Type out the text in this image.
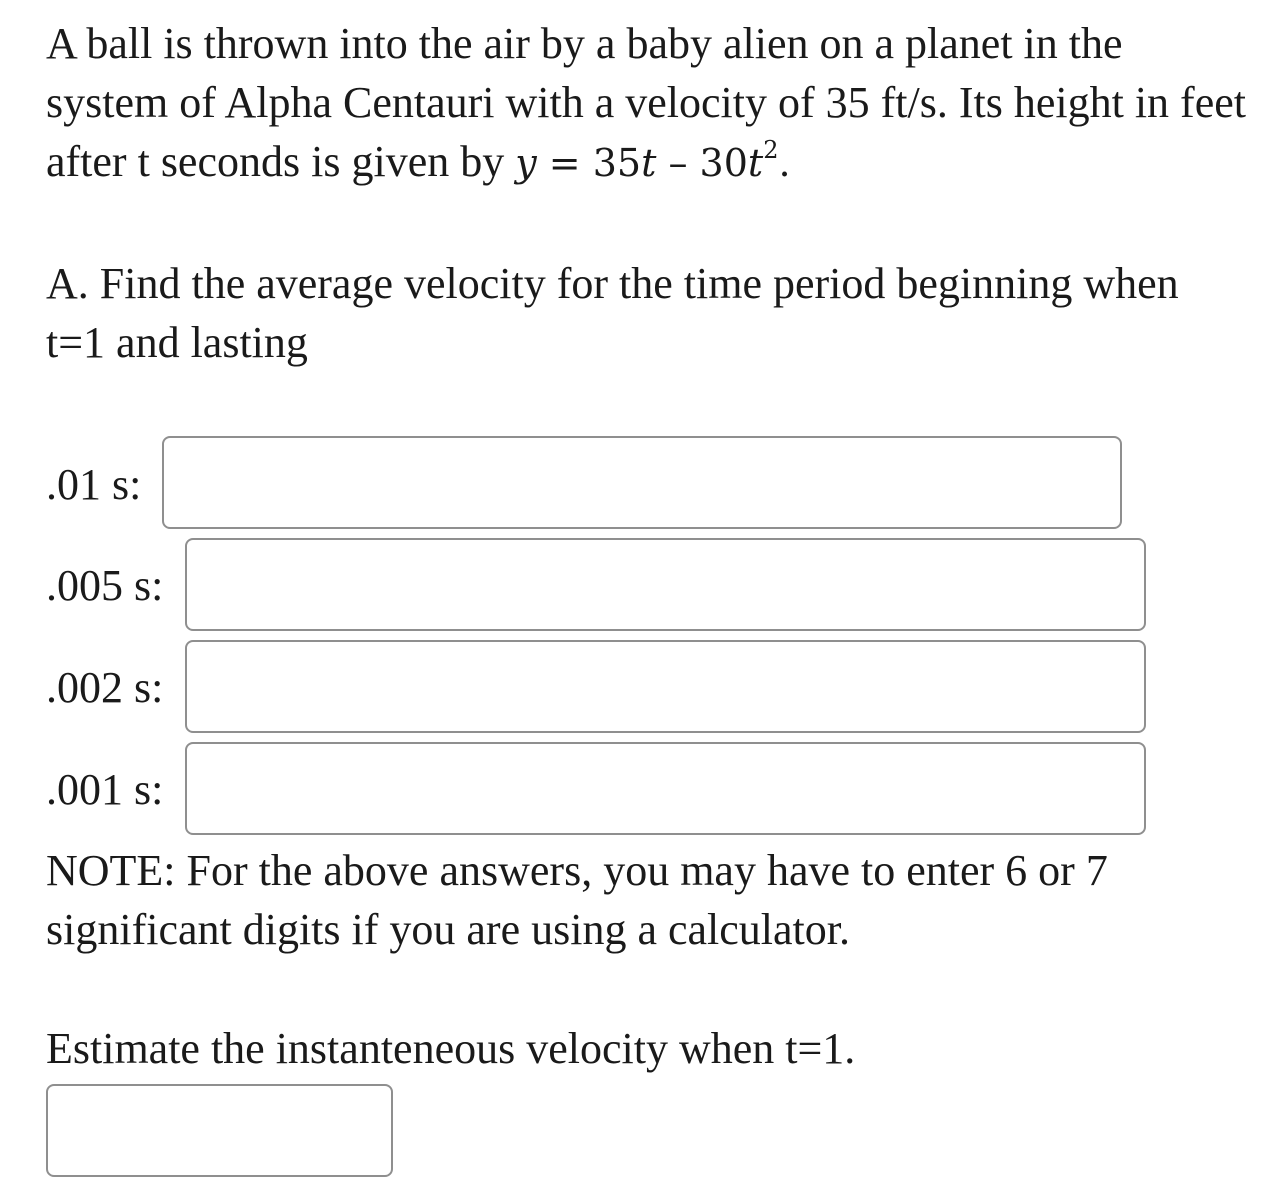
A ball is thrown into the air by a baby alien on a planet in the system of Alpha Centauri with a velocity of 35 ft/s. Its height in feet after t seconds is given by $y = 35t - 30t^2$.
A. Find the average velocity for the time period beginning when t=1 and lasting
.01 s:
.005 s:
.002 s:
.001 s:
NOTE: For the above answers, you may have to enter 6 or 7 significant digits if you are using a calculator.
Estimate the instanteneous velocity when t=1.
